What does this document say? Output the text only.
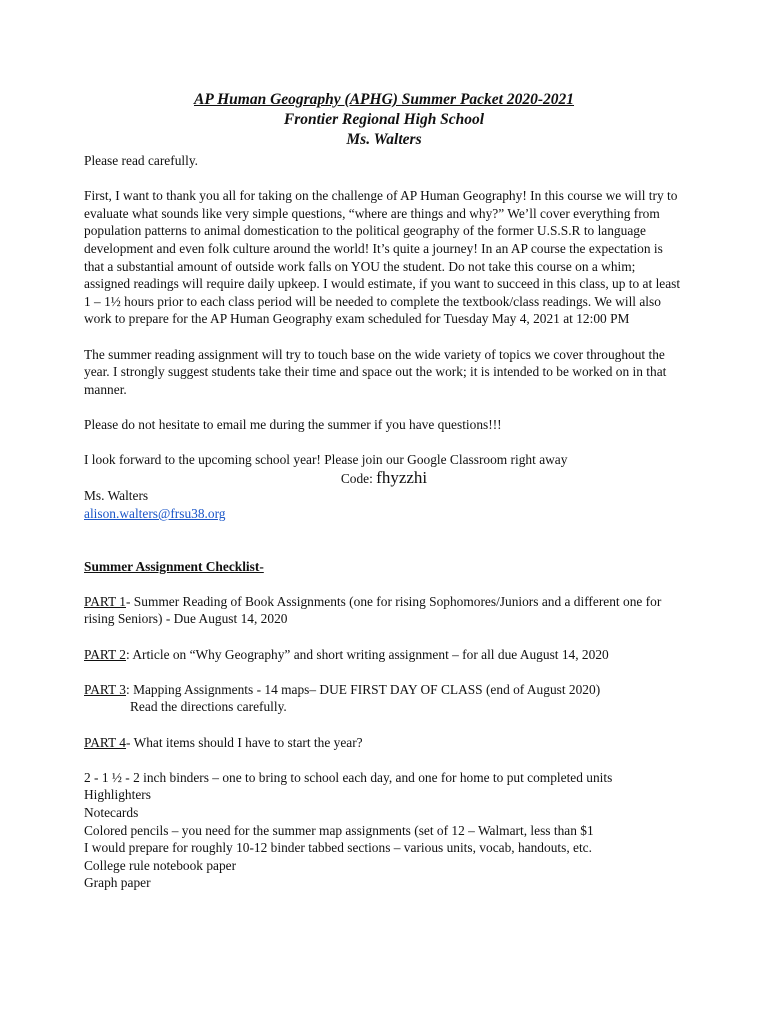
AP Human Geography (APHG) Summer Packet 2020-2021
Frontier Regional High School
Ms. Walters

Please read carefully.

First, I want to thank you all for taking on the challenge of AP Human Geography! In this course we will try to evaluate what sounds like very simple questions, “where are things and why?” We’ll cover everything from population patterns to animal domestication to the political geography of the former U.S.S.R to language development and even folk culture around the world! It’s quite a journey! In an AP course the expectation is that a substantial amount of outside work falls on YOU the student. Do not take this course on a whim; assigned readings will require daily upkeep. I would estimate, if you want to succeed in this class, up to at least 1 – 1½ hours prior to each class period will be needed to complete the textbook/class readings. We will also work to prepare for the AP Human Geography exam scheduled for Tuesday May 4, 2021 at 12:00 PM

The summer reading assignment will try to touch base on the wide variety of topics we cover throughout the year. I strongly suggest students take their time and space out the work; it is intended to be worked on in that manner.

Please do not hesitate to email me during the summer if you have questions!!!

I look forward to the upcoming school year! Please join our Google Classroom right away

Code: fhyzzhi

Ms. Walters

alison.walters@frsu38.org

Summer Assignment Checklist-

PART 1- Summer Reading of Book Assignments (one for rising Sophomores/Juniors and a different one for rising Seniors) - Due August 14, 2020

PART 2: Article on “Why Geography” and short writing assignment – for all due August 14, 2020

PART 3: Mapping Assignments - 14 maps– DUE FIRST DAY OF CLASS (end of August 2020)

Read the directions carefully.

PART 4- What items should I have to start the year?

2 - 1 ½ - 2 inch binders – one to bring to school each day, and one for home to put completed units

Highlighters

Notecards

Colored pencils – you need for the summer map assignments (set of 12 – Walmart, less than $1

I would prepare for roughly 10-12 binder tabbed sections – various units, vocab, handouts, etc.

College rule notebook paper

Graph paper
